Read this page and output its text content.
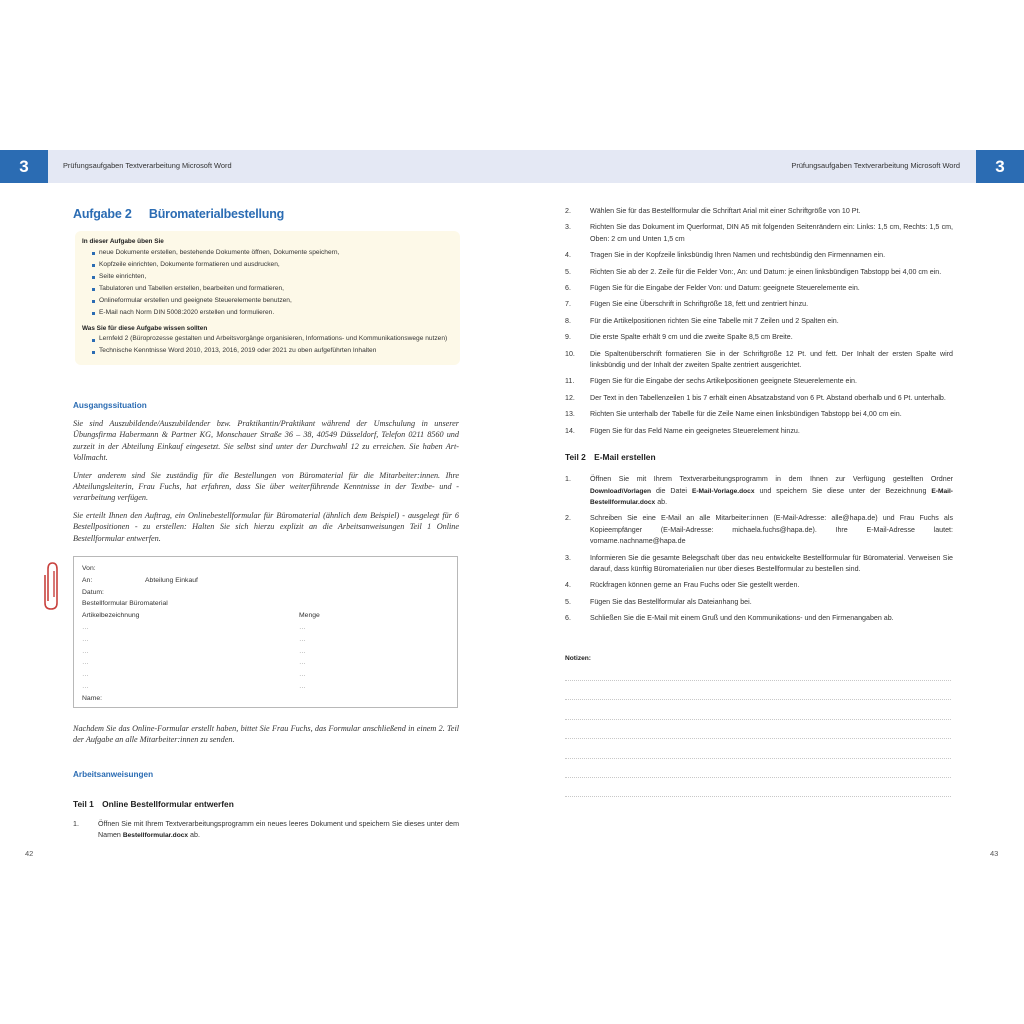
3	3
Prüfungsaufgaben Textverarbeitung Microsoft Word	Prüfungsaufgaben Textverarbeitung Microsoft Word
Aufgabe 2 Büromaterialbestellung
In dieser Aufgabe üben Sie
neue Dokumente erstellen, bestehende Dokumente öffnen, Dokumente speichern,
Kopfzeile einrichten, Dokumente formatieren und ausdrucken,
Seite einrichten,
Tabulatoren und Tabellen erstellen, bearbeiten und formatieren,
Onlineformular erstellen und geeignete Steuerelemente benutzen,
E-Mail nach Norm DIN 5008:2020 erstellen und formulieren.
Was Sie für diese Aufgabe wissen sollten
Lernfeld 2 (Büroprozesse gestalten und Arbeitsvorgänge organisieren, Informations- und Kommunikationswege nutzen)
Technische Kenntnisse Word 2010, 2013, 2016, 2019 oder 2021 zu oben aufgeführten Inhalten
Ausgangssituation

Sie sind Auszubildende/Auszubildender bzw. Praktikantin/Praktikant während der Umschulung in unserer Übungsfirma Habermann & Partner KG, Monschauer Straße 36 – 38, 40549 Düsseldorf, Telefon 0211 8560 und zurzeit in der Abteilung Einkauf eingesetzt. Sie selbst sind unter der Durchwahl 12 zu erreichen. Sie haben Art-Vollmacht.

Unter anderem sind Sie zuständig für die Bestellungen von Büromaterial für die Mitarbeiter:innen. Ihre Abteilungsleiterin, Frau Fuchs, hat erfahren, dass Sie über weiterführende Kenntnisse in der Textbe- und -verarbeitung verfügen.

Sie erteilt Ihnen den Auftrag, ein Onlinebestellformular für Büromaterial (ähnlich dem Beispiel) - ausgelegt für 6 Bestellpositionen - zu erstellen: Halten Sie sich hierzu explizit an die Arbeitsanweisungen Teil 1 Online Bestellformular entwerfen.

Von:
An:	Abteilung Einkauf
Datum:
Bestellformular Büromaterial
Artikelbezeichnung	Menge
…	…
…	…
…	…
…	…
…	…
…	…
Name:

Nachdem Sie das Online-Formular erstellt haben, bittet Sie Frau Fuchs, das Formular anschließend in einem 2. Teil der Aufgabe an alle Mitarbeiter:innen zu senden.

Arbeitsanweisungen
Teil 1 Online Bestellformular entwerfen
1.	Öffnen Sie mit Ihrem Textverarbeitungsprogramm ein neues leeres Dokument und speichern Sie dieses unter dem Namen Bestellformular.docx ab.
42
2.	Wählen Sie für das Bestellformular die Schriftart Arial mit einer Schriftgröße von 10 Pt.
3.	Richten Sie das Dokument im Querformat, DIN A5 mit folgenden Seitenrändern ein: Links: 1,5 cm, Rechts: 1,5 cm, Oben: 2 cm und Unten 1,5 cm
4.	Tragen Sie in der Kopfzeile linksbündig Ihren Namen und rechtsbündig den Firmennamen ein.
5.	Richten Sie ab der 2. Zeile für die Felder Von:, An: und Datum: je einen linksbündigen Tabstopp bei 4,00 cm ein.
6.	Fügen Sie für die Eingabe der Felder Von: und Datum: geeignete Steuerelemente ein.
7.	Fügen Sie eine Überschrift in Schriftgröße 18, fett und zentriert hinzu.
8.	Für die Artikelpositionen richten Sie eine Tabelle mit 7 Zeilen und 2 Spalten ein.
9.	Die erste Spalte erhält 9 cm und die zweite Spalte 8,5 cm Breite.
10.	Die Spaltenüberschrift formatieren Sie in der Schriftgröße 12 Pt. und fett. Der Inhalt der ersten Spalte wird linksbündig und der Inhalt der zweiten Spalte zentriert ausgerichtet.
11.	Fügen Sie für die Eingabe der sechs Artikelpositionen geeignete Steuerelemente ein.
12.	Der Text in den Tabellenzeilen 1 bis 7 erhält einen Absatzabstand von 6 Pt. Abstand oberhalb und 6 Pt. unterhalb.
13.	Richten Sie unterhalb der Tabelle für die Zeile Name einen linksbündigen Tabstopp bei 4,00 cm ein.
14.	Fügen Sie für das Feld Name ein geeignetes Steuerelement hinzu.
Teil 2 E-Mail erstellen
1.	Öffnen Sie mit Ihrem Textverarbeitungsprogramm in dem Ihnen zur Verfügung gestellten Ordner Download\Vorlagen die Datei E-Mail-Vorlage.docx und speichern Sie diese unter der Bezeichnung E-Mail-Bestellformular.docx ab.
2.	Schreiben Sie eine E-Mail an alle Mitarbeiter:innen (E-Mail-Adresse: alle@hapa.de) und Frau Fuchs als Kopieempfänger (E-Mail-Adresse: michaela.fuchs@hapa.de). Ihre E-Mail-Adresse lautet: vorname.nachname@hapa.de
3.	Informieren Sie die gesamte Belegschaft über das neu entwickelte Bestellformular für Büromaterial. Verweisen Sie darauf, dass künftig Büromaterialien nur über dieses Bestellformular zu bestellen sind.
4.	Rückfragen können gerne an Frau Fuchs oder Sie gestellt werden.
5.	Fügen Sie das Bestellformular als Dateianhang bei.
6.	Schließen Sie die E-Mail mit einem Gruß und den Kommunikations- und den Firmenangaben ab.
Notizen:
43
